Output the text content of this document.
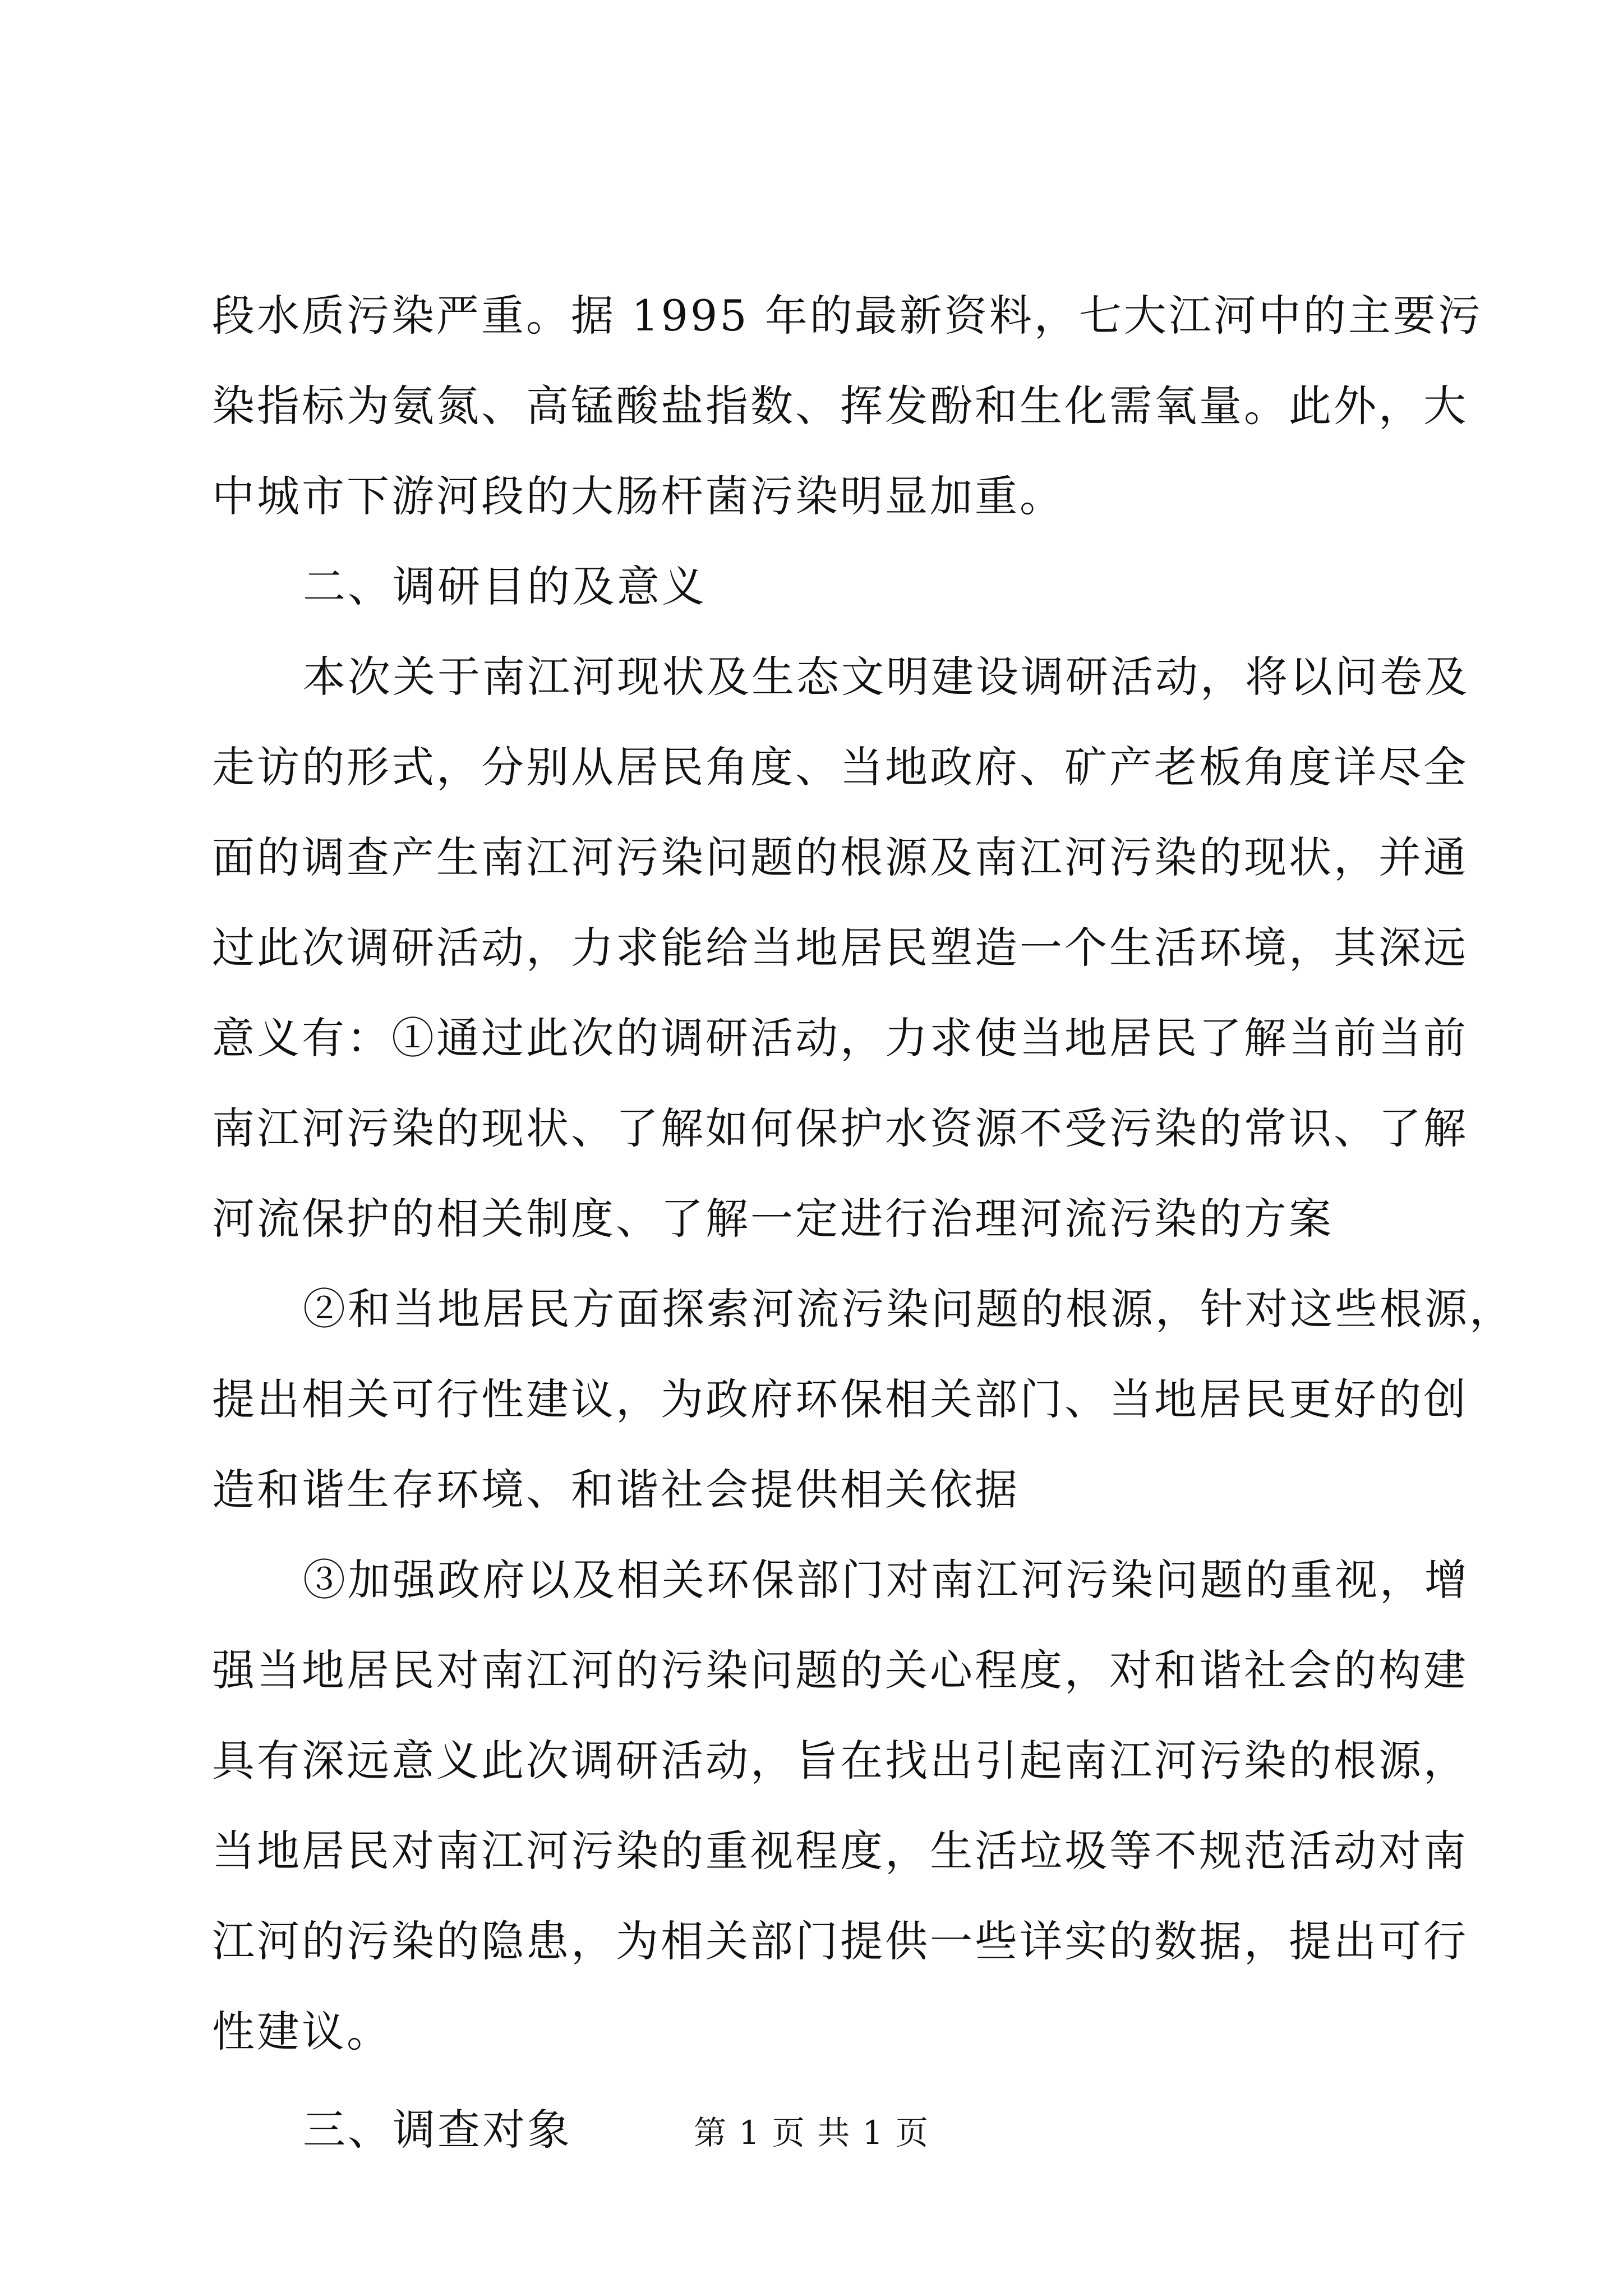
段水质污染严重。据 1995 年的最新资料，七大江河中的主要污
染指标为氨氮、高锰酸盐指数、挥发酚和生化需氧量。此外，大
中城市下游河段的大肠杆菌污染明显加重。
二、调研目的及意义
本次关于南江河现状及生态文明建设调研活动，将以问卷及
走访的形式，分别从居民角度、当地政府、矿产老板角度详尽全
面的调查产生南江河污染问题的根源及南江河污染的现状，并通
过此次调研活动，力求能给当地居民塑造一个生活环境，其深远
意义有：①通过此次的调研活动，力求使当地居民了解当前当前
南江河污染的现状、了解如何保护水资源不受污染的常识、了解
河流保护的相关制度、了解一定进行治理河流污染的方案
②和当地居民方面探索河流污染问题的根源，针对这些根源，
提出相关可行性建议，为政府环保相关部门、当地居民更好的创
造和谐生存环境、和谐社会提供相关依据
③加强政府以及相关环保部门对南江河污染问题的重视，增
强当地居民对南江河的污染问题的关心程度，对和谐社会的构建
具有深远意义此次调研活动，旨在找出引起南江河污染的根源，
当地居民对南江河污染的重视程度，生活垃圾等不规范活动对南
江河的污染的隐患，为相关部门提供一些详实的数据，提出可行
性建议。
三、调查对象	第 1 页 共 1 页
